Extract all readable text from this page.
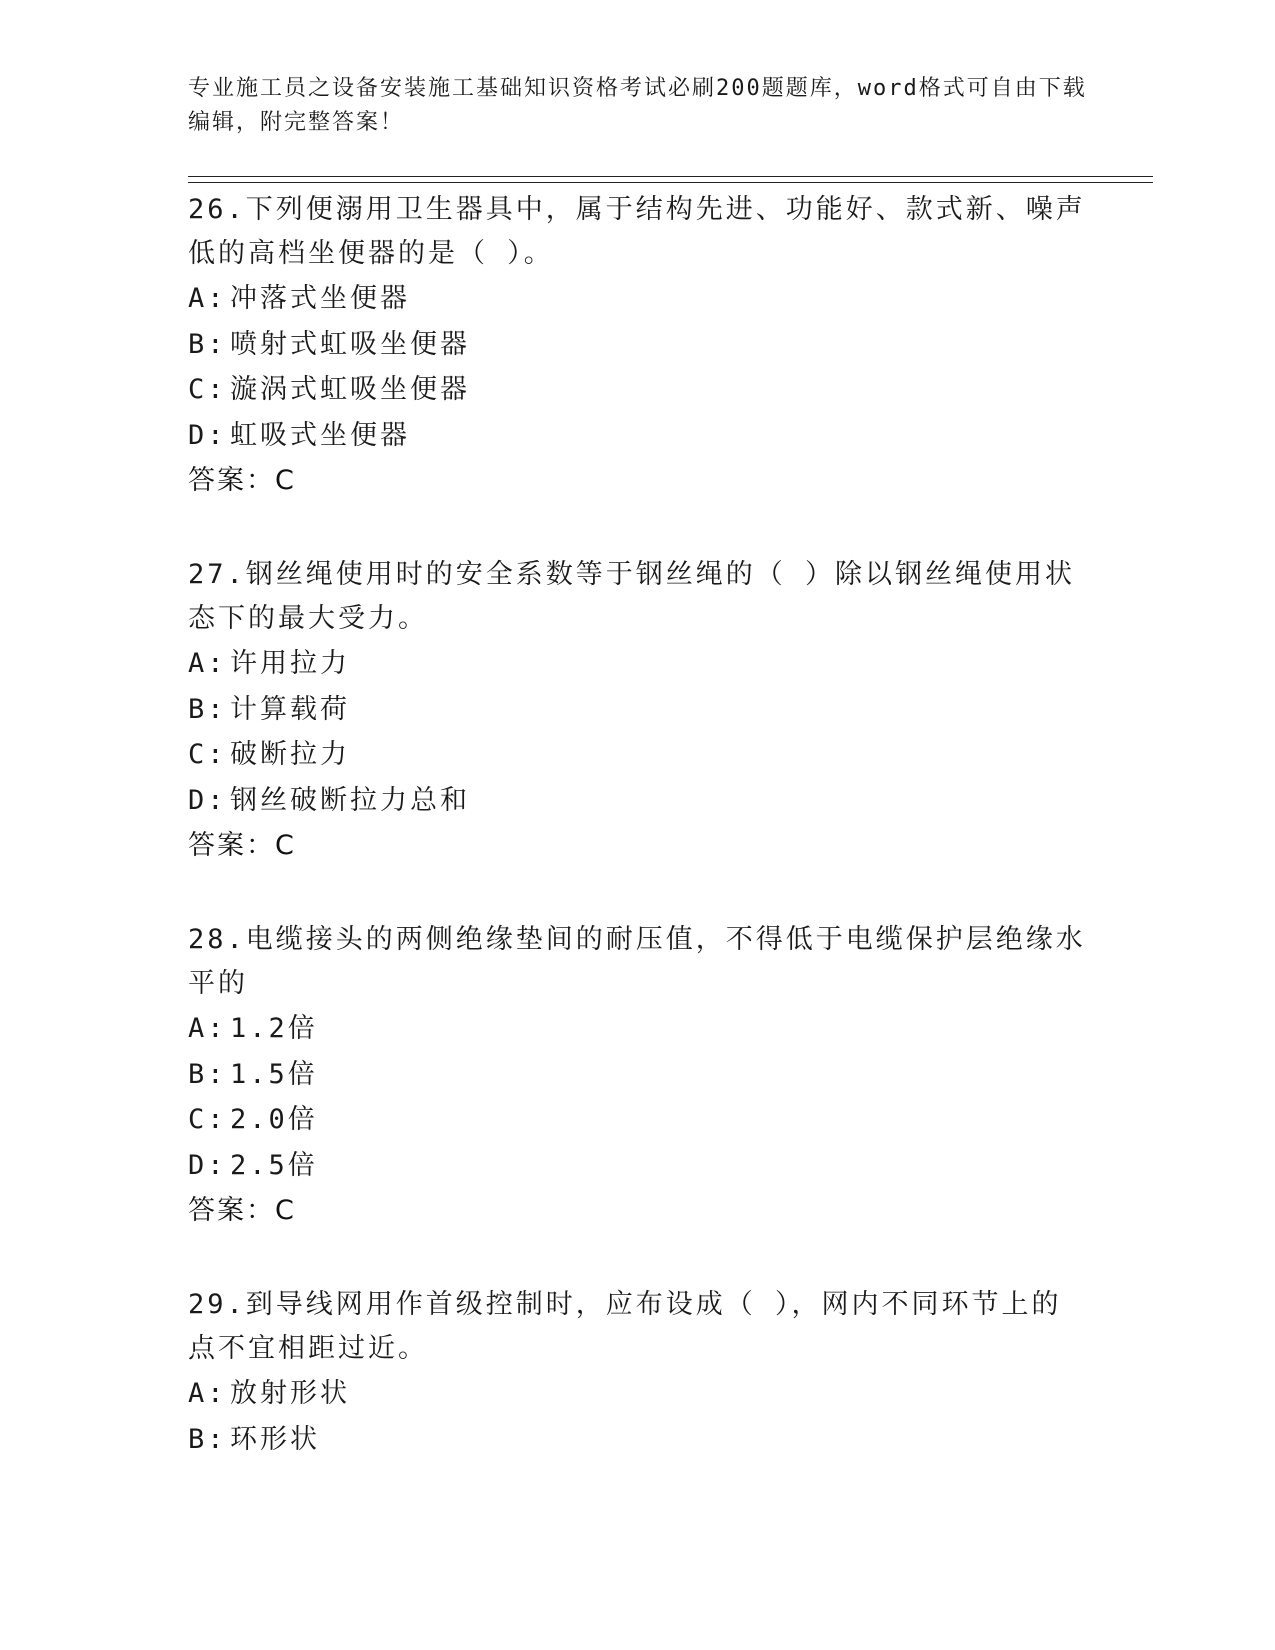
专业施工员之设备安装施工基础知识资格考试必刷200题题库，word格式可自由下载编辑，附完整答案！

26.下列便溺用卫生器具中，属于结构先进、功能好、款式新、噪声低的高档坐便器的是（ ）。

A: 冲落式坐便器
B: 喷射式虹吸坐便器
C: 漩涡式虹吸坐便器
D: 虹吸式坐便器
答案：C

27.钢丝绳使用时的安全系数等于钢丝绳的（ ）除以钢丝绳使用状态下的最大受力。

A: 许用拉力
B: 计算载荷
C: 破断拉力
D: 钢丝破断拉力总和
答案：C

28.电缆接头的两侧绝缘垫间的耐压值，不得低于电缆保护层绝缘水平的

A: 1.2倍
B: 1.5倍
C: 2.0倍
D: 2.5倍
答案：C

29.到导线网用作首级控制时，应布设成（ ），网内不同环节上的点不宜相距过近。

A: 放射形状
B: 环形状
